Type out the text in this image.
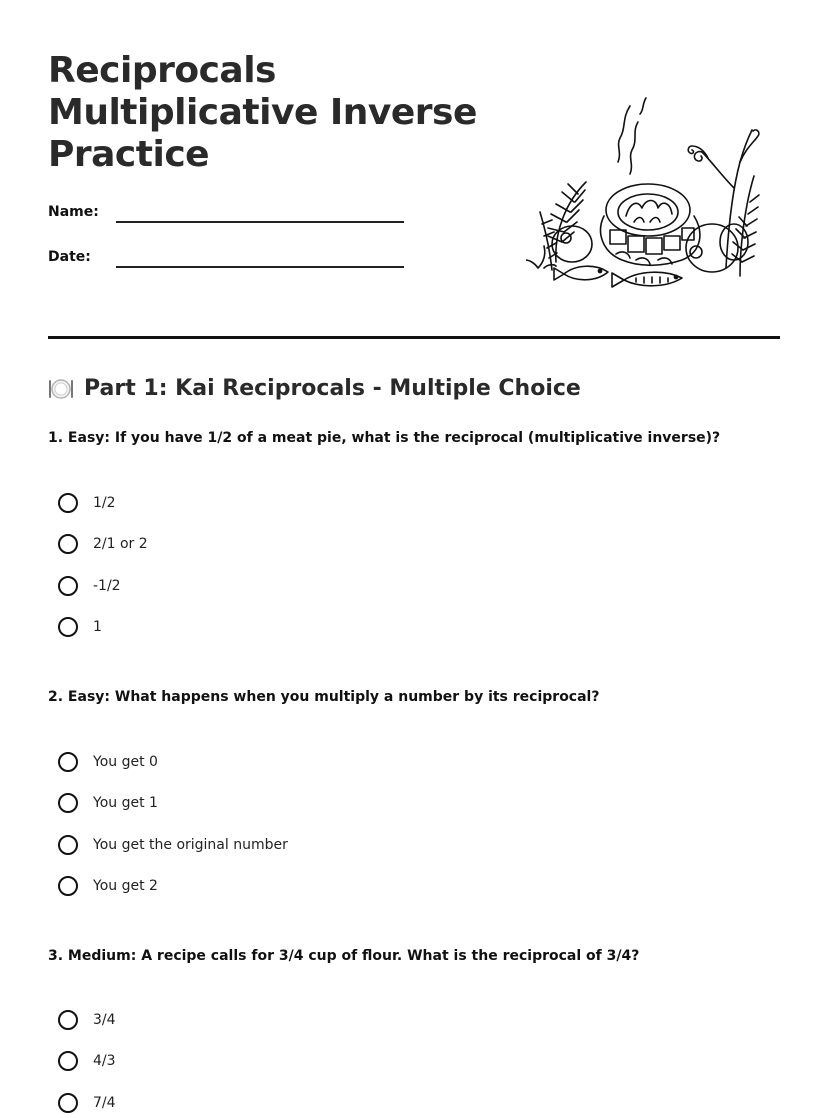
Reciprocals
Multiplicative Inverse
Practice
Name:
Date:
Part 1: Kai Reciprocals - Multiple Choice

1. Easy: If you have 1/2 of a meat pie, what is the reciprocal (multiplicative inverse)?

1/2
2/1 or 2
-1/2
1

2. Easy: What happens when you multiply a number by its reciprocal?

You get 0
You get 1
You get the original number
You get 2

3. Medium: A recipe calls for 3/4 cup of flour. What is the reciprocal of 3/4?

3/4
4/3
7/4
